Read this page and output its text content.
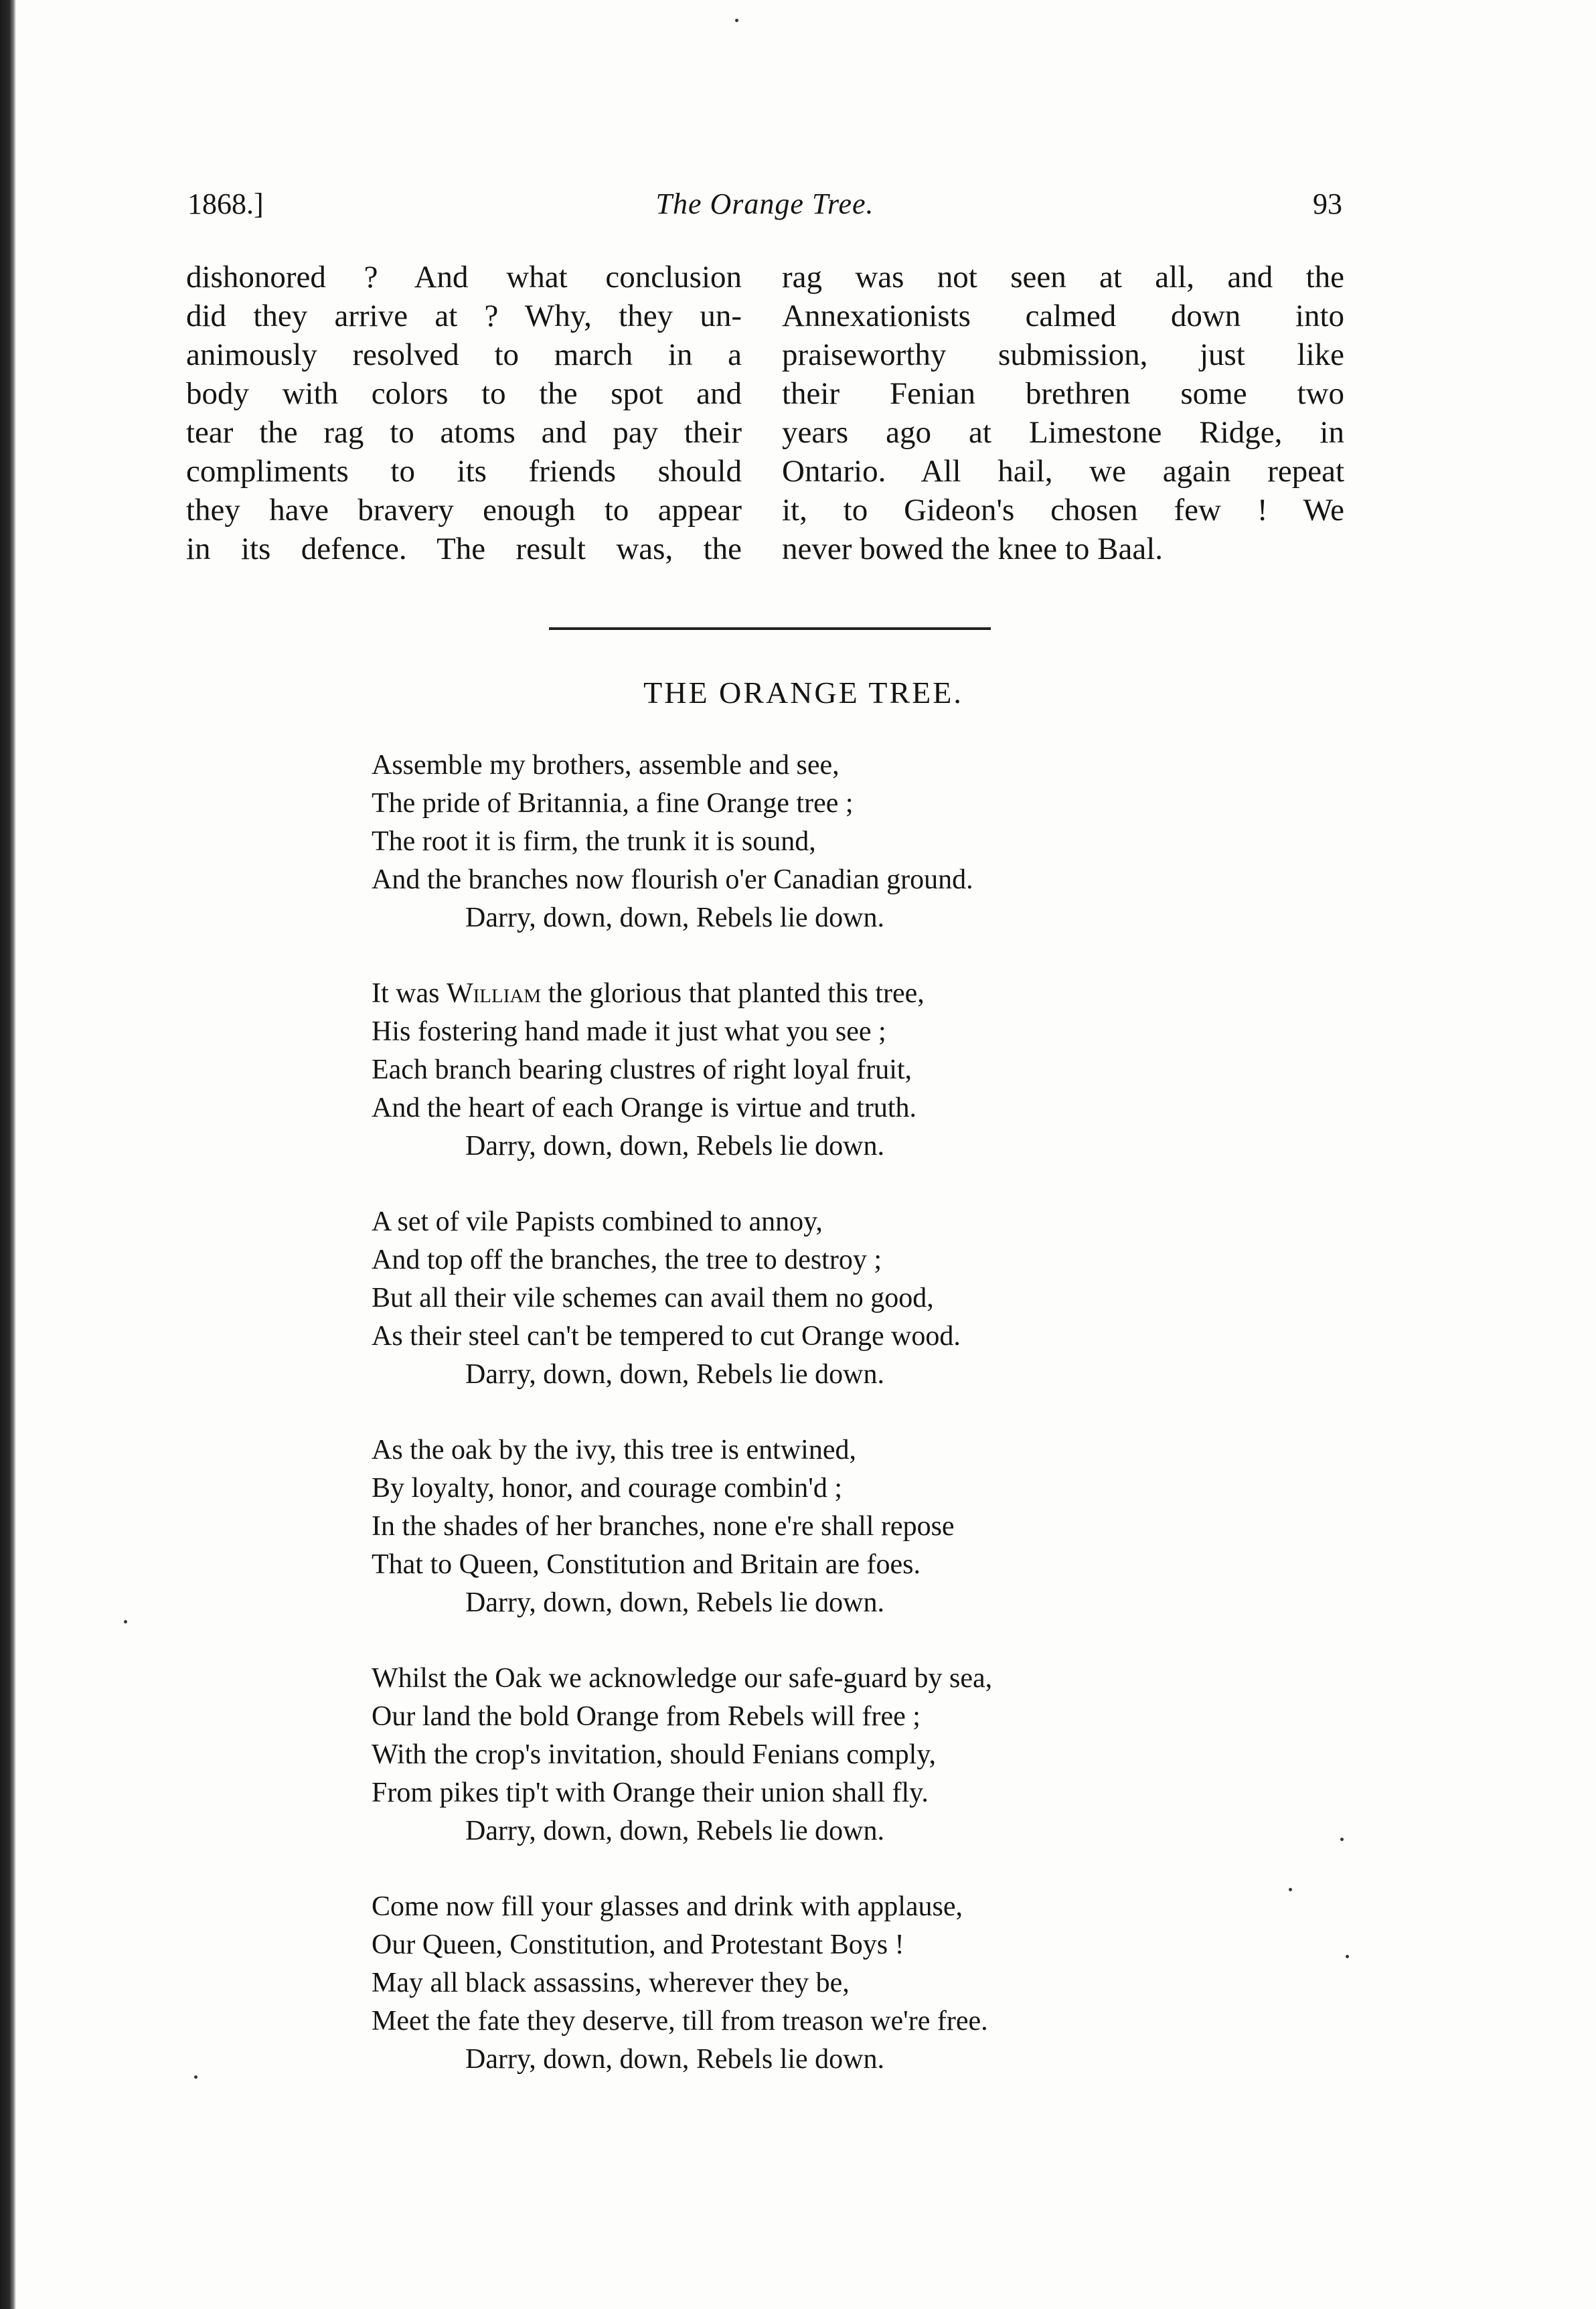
1868.]	The Orange Tree.	93
dishonored ? And what conclusion
did they arrive at ? Why, they un-
animously resolved to march in a
body with colors to the spot and
tear the rag to atoms and pay their
compliments to its friends should
they have bravery enough to appear
in its defence. The result was, the
rag was not seen at all, and the
Annexationists calmed down into
praiseworthy submission, just like
their Fenian brethren some two
years ago at Limestone Ridge, in
Ontario. All hail, we again repeat
it, to Gideon's chosen few ! We
never bowed the knee to Baal.
THE ORANGE TREE.
Assemble my brothers, assemble and see,
The pride of Britannia, a fine Orange tree ;
The root it is firm, the trunk it is sound,
And the branches now flourish o'er Canadian ground.
Darry, down, down, Rebels lie down.
It was William the glorious that planted this tree,
His fostering hand made it just what you see ;
Each branch bearing clustres of right loyal fruit,
And the heart of each Orange is virtue and truth.
Darry, down, down, Rebels lie down.
A set of vile Papists combined to annoy,
And top off the branches, the tree to destroy ;
But all their vile schemes can avail them no good,
As their steel can't be tempered to cut Orange wood.
Darry, down, down, Rebels lie down.
As the oak by the ivy, this tree is entwined,
By loyalty, honor, and courage combin'd ;
In the shades of her branches, none e're shall repose
That to Queen, Constitution and Britain are foes.
Darry, down, down, Rebels lie down.
Whilst the Oak we acknowledge our safe-guard by sea,
Our land the bold Orange from Rebels will free ;
With the crop's invitation, should Fenians comply,
From pikes tip't with Orange their union shall fly.
Darry, down, down, Rebels lie down.
Come now fill your glasses and drink with applause,
Our Queen, Constitution, and Protestant Boys !
May all black assassins, wherever they be,
Meet the fate they deserve, till from treason we're free.
Darry, down, down, Rebels lie down.
